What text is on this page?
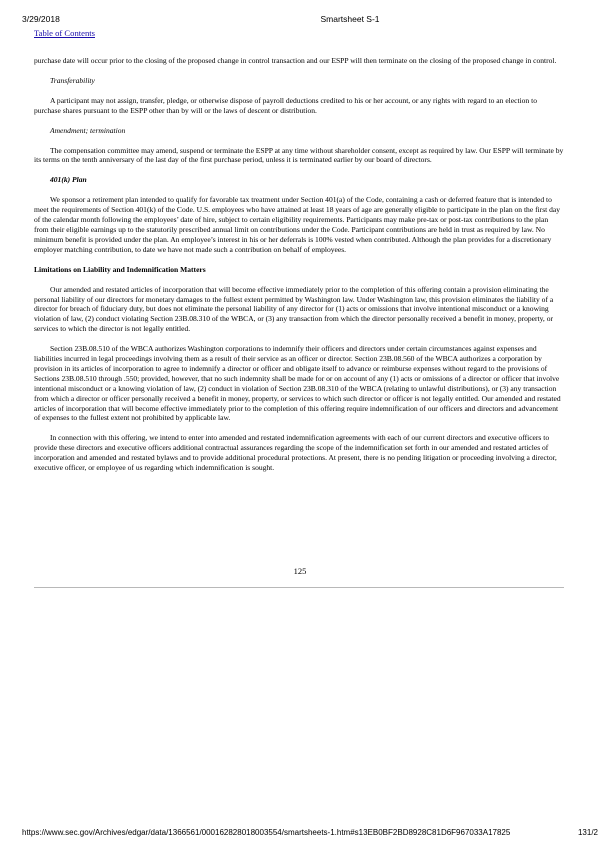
3/29/2018	Smartsheet S-1
Table of Contents

purchase date will occur prior to the closing of the proposed change in control transaction and our ESPP will then terminate on the closing of the proposed change in control.

Transferability

A participant may not assign, transfer, pledge, or otherwise dispose of payroll deductions credited to his or her account, or any rights with regard to an election to purchase shares pursuant to the ESPP other than by will or the laws of descent or distribution.

Amendment; termination

The compensation committee may amend, suspend or terminate the ESPP at any time without shareholder consent, except as required by law. Our ESPP will terminate by its terms on the tenth anniversary of the last day of the first purchase period, unless it is terminated earlier by our board of directors.

401(k) Plan

We sponsor a retirement plan intended to qualify for favorable tax treatment under Section 401(a) of the Code, containing a cash or deferred feature that is intended to meet the requirements of Section 401(k) of the Code. U.S. employees who have attained at least 18 years of age are generally eligible to participate in the plan on the first day of the calendar month following the employees’ date of hire, subject to certain eligibility requirements. Participants may make pre-tax or post-tax contributions to the plan from their eligible earnings up to the statutorily prescribed annual limit on contributions under the Code. Participant contributions are held in trust as required by law. No minimum benefit is provided under the plan. An employee’s interest in his or her deferrals is 100% vested when contributed. Although the plan provides for a discretionary employer matching contribution, to date we have not made such a contribution on behalf of employees.

Limitations on Liability and Indemnification Matters

Our amended and restated articles of incorporation that will become effective immediately prior to the completion of this offering contain a provision eliminating the personal liability of our directors for monetary damages to the fullest extent permitted by Washington law. Under Washington law, this provision eliminates the liability of a director for breach of fiduciary duty, but does not eliminate the personal liability of any director for (1) acts or omissions that involve intentional misconduct or a knowing violation of law, (2) conduct violating Section 23B.08.310 of the WBCA, or (3) any transaction from which the director personally received a benefit in money, property, or services to which the director is not legally entitled.

Section 23B.08.510 of the WBCA authorizes Washington corporations to indemnify their officers and directors under certain circumstances against expenses and liabilities incurred in legal proceedings involving them as a result of their service as an officer or director. Section 23B.08.560 of the WBCA authorizes a corporation by provision in its articles of incorporation to agree to indemnify a director or officer and obligate itself to advance or reimburse expenses without regard to the provisions of Sections 23B.08.510 through .550; provided, however, that no such indemnity shall be made for or on account of any (1) acts or omissions of a director or officer that involve intentional misconduct or a knowing violation of law, (2) conduct in violation of Section 23B.08.310 of the WBCA (relating to unlawful distributions), or (3) any transaction from which a director or officer personally received a benefit in money, property, or services to which such director or officer is not legally entitled. Our amended and restated articles of incorporation that will become effective immediately prior to the completion of this offering require indemnification of our officers and directors and advancement of expenses to the fullest extent not prohibited by applicable law.

In connection with this offering, we intend to enter into amended and restated indemnification agreements with each of our current directors and executive officers to provide these directors and executive officers additional contractual assurances regarding the scope of the indemnification set forth in our amended and restated articles of incorporation and amended and restated bylaws and to provide additional procedural protections. At present, there is no pending litigation or proceeding involving a director, executive officer, or employee of us regarding which indemnification is sought.

125
https://www.sec.gov/Archives/edgar/data/1366561/000162828018003554/smartsheets-1.htm#s13EB0BF2BD8928C81D6F967033A17825	131/2
